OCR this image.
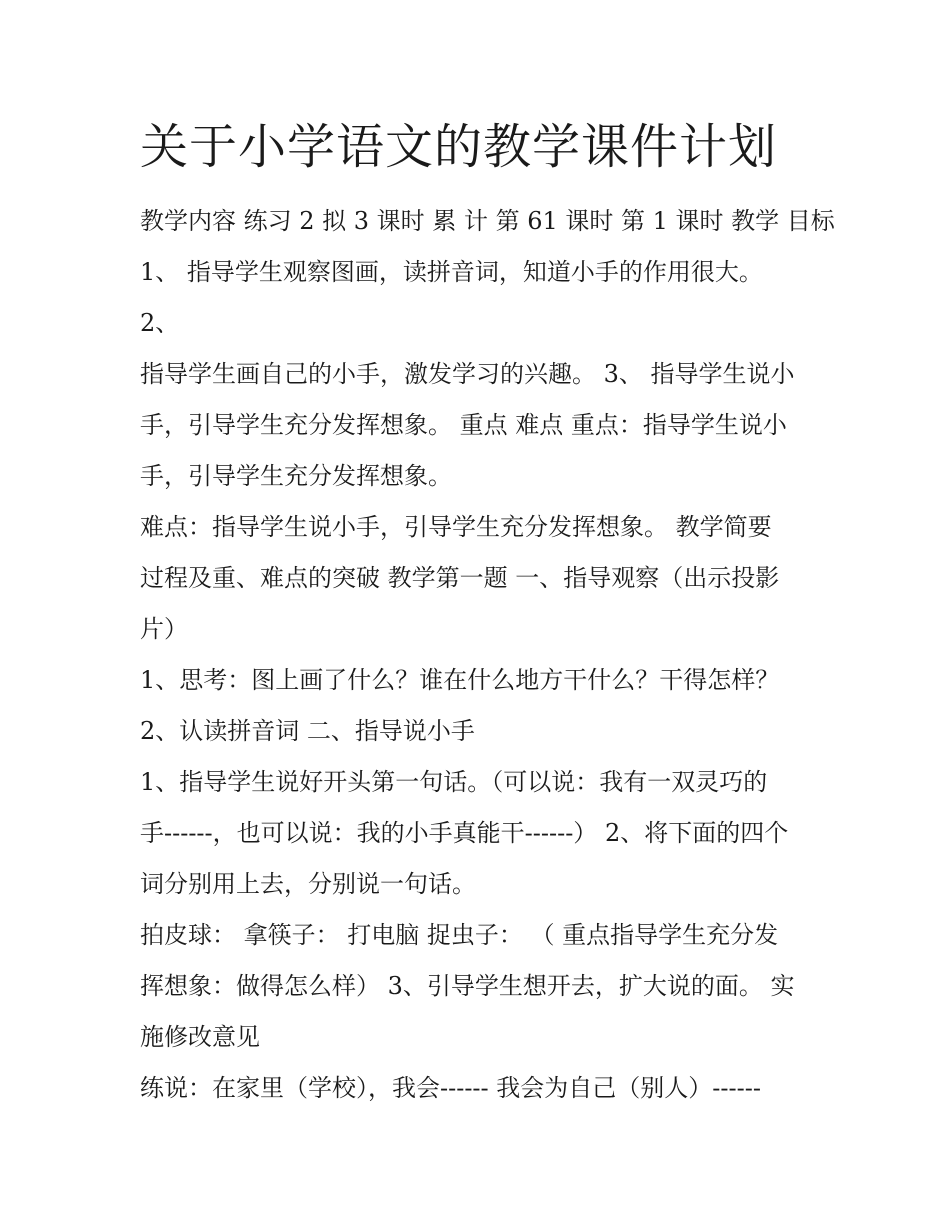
关于小学语文的教学课件计划

教学内容 练习 2 拟 3 课时 累 计 第 61 课时 第 1 课时 教学 目标

1、 指导学生观察图画，读拼音词，知道小手的作用很大。

2、

指导学生画自己的小手，激发学习的兴趣。 3、 指导学生说小
手，引导学生充分发挥想象。 重点 难点 重点：指导学生说小
手，引导学生充分发挥想象。

难点：指导学生说小手，引导学生充分发挥想象。 教学简要
过程及重、难点的突破 教学第一题 一、指导观察（出示投影
片）

1、思考：图上画了什么？谁在什么地方干什么？干得怎样？

2、认读拼音词 二、指导说小手

1、指导学生说好开头第一句话。（可以说：我有一双灵巧的
手------，也可以说：我的小手真能干------） 2、将下面的四个
词分别用上去，分别说一句话。

拍皮球： 拿筷子： 打电脑 捉虫子： （ 重点指导学生充分发
挥想象：做得怎么样） 3、引导学生想开去，扩大说的面。 实
施修改意见

练说：在家里（学校），我会------ 我会为自己（别人）------
